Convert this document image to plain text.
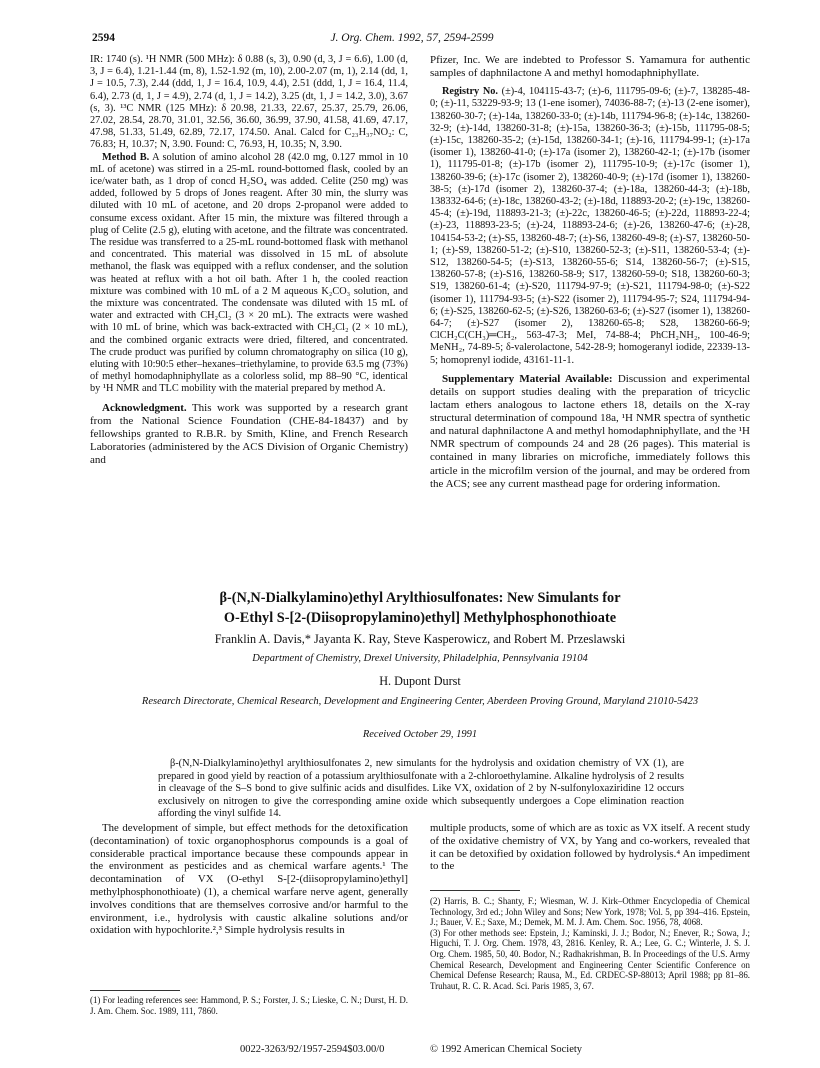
2594	J. Org. Chem. 1992, 57, 2594-2599

IR: 1740 (s). ¹H NMR (500 MHz): δ 0.88 (s, 3), 0.90 (d, 3, J = 6.6), 1.00 (d, 3, J = 6.4), 1.21-1.44 (m, 8), 1.52-1.92 (m, 10), 2.00-2.07 (m, 1), 2.14 (dd, 1, J = 10.5, 7.3), 2.44 (ddd, 1, J = 16.4, 10.9, 4.4), 2.51 (ddd, 1, J = 16.4, 11.4, 6.4), 2.73 (d, 1, J = 4.9), 2.74 (d, 1, J = 14.2), 3.25 (dt, 1, J = 14.2, 3.0), 3.67 (s, 3). ¹³C NMR (125 MHz): δ 20.98, 21.33, 22.67, 25.37, 25.79, 26.06, 27.02, 28.54, 28.70, 31.01, 32.56, 36.60, 36.99, 37.90, 41.58, 41.69, 47.17, 47.98, 51.33, 51.49, 62.89, 72.17, 174.50. Anal. Calcd for C₂₃H₃₇NO₂: C, 76.83; H, 10.37; N, 3.90. Found: C, 76.93, H, 10.35; N, 3.90.

Method B. A solution of amino alcohol 28 (42.0 mg, 0.127 mmol in 10 mL of acetone) was stirred in a 25-mL round-bottomed flask, cooled by an ice/water bath, as 1 drop of concd H₂SO₄ was added. Celite (250 mg) was added, followed by 5 drops of Jones reagent. After 30 min, the slurry was diluted with 10 mL of acetone, and 20 drops 2-propanol were added to consume excess oxidant. After 15 min, the mixture was filtered through a plug of Celite (2.5 g), eluting with acetone, and the filtrate was concentrated. The residue was transferred to a 25-mL round-bottomed flask with methanol and concentrated. This material was dissolved in 15 mL of absolute methanol, the flask was equipped with a reflux condenser, and the solution was heated at reflux with a hot oil bath. After 1 h, the cooled reaction mixture was combined with 10 mL of a 2 M aqueous K₂CO₃ solution, and the mixture was concentrated. The condensate was diluted with 15 mL of water and extracted with CH₂Cl₂ (3 × 20 mL). The extracts were washed with 10 mL of brine, which was back-extracted with CH₂Cl₂ (2 × 10 mL), and the combined organic extracts were dried, filtered, and concentrated. The crude product was purified by column chromatography on silica (10 g), eluting with 10:90:5 ether–hexanes–triethylamine, to provide 63.5 mg (73%) of methyl homodaphniphyllate as a colorless solid, mp 88–90 °C, identical by ¹H NMR and TLC mobility with the material prepared by method A.

Acknowledgment. This work was supported by a research grant from the National Science Foundation (CHE-84-18437) and by fellowships granted to R.B.R. by Smith, Kline, and French Research Laboratories (administered by the ACS Division of Organic Chemistry) and

Pfizer, Inc. We are indebted to Professor S. Yamamura for authentic samples of daphnilactone A and methyl homodaphniphyllate.

Registry No. (±)-4, 104115-43-7; (±)-6, 111795-09-6; (±)-7, 138285-48-0; (±)-11, 53229-93-9; 13 (1-ene isomer), 74036-88-7; (±)-13 (2-ene isomer), 138260-30-7; (±)-14a, 138260-33-0; (±)-14b, 111794-96-8; (±)-14c, 138260-32-9; (±)-14d, 138260-31-8; (±)-15a, 138260-36-3; (±)-15b, 111795-08-5; (±)-15c, 138260-35-2; (±)-15d, 138260-34-1; (±)-16, 111794-99-1; (±)-17a (isomer 1), 138260-41-0; (±)-17a (isomer 2), 138260-42-1; (±)-17b (isomer 1), 111795-01-8; (±)-17b (isomer 2), 111795-10-9; (±)-17c (isomer 1), 138260-39-6; (±)-17c (isomer 2), 138260-40-9; (±)-17d (isomer 1), 138260-38-5; (±)-17d (isomer 2), 138260-37-4; (±)-18a, 138260-44-3; (±)-18b, 138332-64-6; (±)-18c, 138260-43-2; (±)-18d, 118893-20-2; (±)-19c, 138260-45-4; (±)-19d, 118893-21-3; (±)-22c, 138260-46-5; (±)-22d, 118893-22-4; (±)-23, 118893-23-5; (±)-24, 118893-24-6; (±)-26, 138260-47-6; (±)-28, 104154-53-2; (±)-S5, 138260-48-7; (±)-S6, 138260-49-8; (±)-S7, 138260-50-1; (±)-S9, 138260-51-2; (±)-S10, 138260-52-3; (±)-S11, 138260-53-4; (±)-S12, 138260-54-5; (±)-S13, 138260-55-6; S14, 138260-56-7; (±)-S15, 138260-57-8; (±)-S16, 138260-58-9; S17, 138260-59-0; S18, 138260-60-3; S19, 138260-61-4; (±)-S20, 111794-97-9; (±)-S21, 111794-98-0; (±)-S22 (isomer 1), 111794-93-5; (±)-S22 (isomer 2), 111794-95-7; S24, 111794-94-6; (±)-S25, 138260-62-5; (±)-S26, 138260-63-6; (±)-S27 (isomer 1), 138260-64-7; (±)-S27 (isomer 2), 138260-65-8; S28, 138260-66-9; ClCH₂C(CH₃)═CH₂, 563-47-3; MeI, 74-88-4; PhCH₂NH₂, 100-46-9; MeNH₂, 74-89-5; δ-valerolactone, 542-28-9; homogeranyl iodide, 22339-13-5; homoprenyl iodide, 43161-11-1.

Supplementary Material Available: Discussion and experimental details on support studies dealing with the preparation of tricyclic lactam ethers analogous to lactone ethers 18, details on the X-ray structural determination of compound 18a, ¹H NMR spectra of synthetic and natural daphnilactone A and methyl homodaphniphyllate, and the ¹H NMR spectrum of compounds 24 and 28 (26 pages). This material is contained in many libraries on microfiche, immediately follows this article in the microfilm version of the journal, and may be ordered from the ACS; see any current masthead page for ordering information.

β-(N,N-Dialkylamino)ethyl Arylthiosulfonates: New Simulants for
O-Ethyl S-[2-(Diisopropylamino)ethyl] Methylphosphonothioate
Franklin A. Davis,* Jayanta K. Ray, Steve Kasperowicz, and Robert M. Przeslawski
Department of Chemistry, Drexel University, Philadelphia, Pennsylvania 19104
H. Dupont Durst
Research Directorate, Chemical Research, Development and Engineering Center, Aberdeen Proving Ground, Maryland 21010-5423
Received October 29, 1991

β-(N,N-Dialkylamino)ethyl arylthiosulfonates 2, new simulants for the hydrolysis and oxidation chemistry of VX (1), are prepared in good yield by reaction of a potassium arylthiosulfonate with a 2-chloroethylamine. Alkaline hydrolysis of 2 results in cleavage of the S–S bond to give sulfinic acids and disulfides. Like VX, oxidation of 2 by N-sulfonyloxaziridine 12 occurs exclusively on nitrogen to give the corresponding amine oxide which subsequently undergoes a Cope elimination reaction affording the vinyl sulfide 14.

The development of simple, but effect methods for the detoxification (decontamination) of toxic organophosphorus compounds is a goal of considerable practical importance because these compounds appear in the environment as pesticides and as chemical warfare agents.¹ The decontamination of VX (O-ethyl S-[2-(diisopropylamino)ethyl] methylphosphonothioate) (1), a chemical warfare nerve agent, generally involves conditions that are themselves corrosive and/or harmful to the environment, i.e., hydrolysis with caustic alkaline solutions and/or oxidation with hypochlorite.²,³ Simple hydrolysis results in

multiple products, some of which are as toxic as VX itself. A recent study of the oxidative chemistry of VX, by Yang and co-workers, revealed that it can be detoxified by oxidation followed by hydrolysis.⁴ An impediment to the

(1) For leading references see: Hammond, P. S.; Forster, J. S.; Lieske, C. N.; Durst, H. D. J. Am. Chem. Soc. 1989, 111, 7860.

(2) Harris, B. C.; Shanty, F.; Wiesman, W. J. Kirk–Othmer Encyclopedia of Chemical Technology, 3rd ed.; John Wiley and Sons; New York, 1978; Vol. 5, pp 394–416. Epstein, J.; Bauer, V. E.; Saxe, M.; Demek, M. M. J. Am. Chem. Soc. 1956, 78, 4068.

(3) For other methods see: Epstein, J.; Kaminski, J. J.; Bodor, N.; Enever, R.; Sowa, J.; Higuchi, T. J. Org. Chem. 1978, 43, 2816. Kenley, R. A.; Lee, G. C.; Winterle, J. S. J. Org. Chem. 1985, 50, 40. Bodor, N.; Radhakrishman, B. In Proceedings of the U.S. Army Chemical Research, Development and Engineering Center Scientific Conference on Chemical Defense Research; Rausa, M., Ed. CRDEC-SP-88013; April 1988; pp 81–86. Truhaut, R. C. R. Acad. Sci. Paris 1985, 3, 67.

0022-3263/92/1957-2594$03.00/0	© 1992 American Chemical Society
